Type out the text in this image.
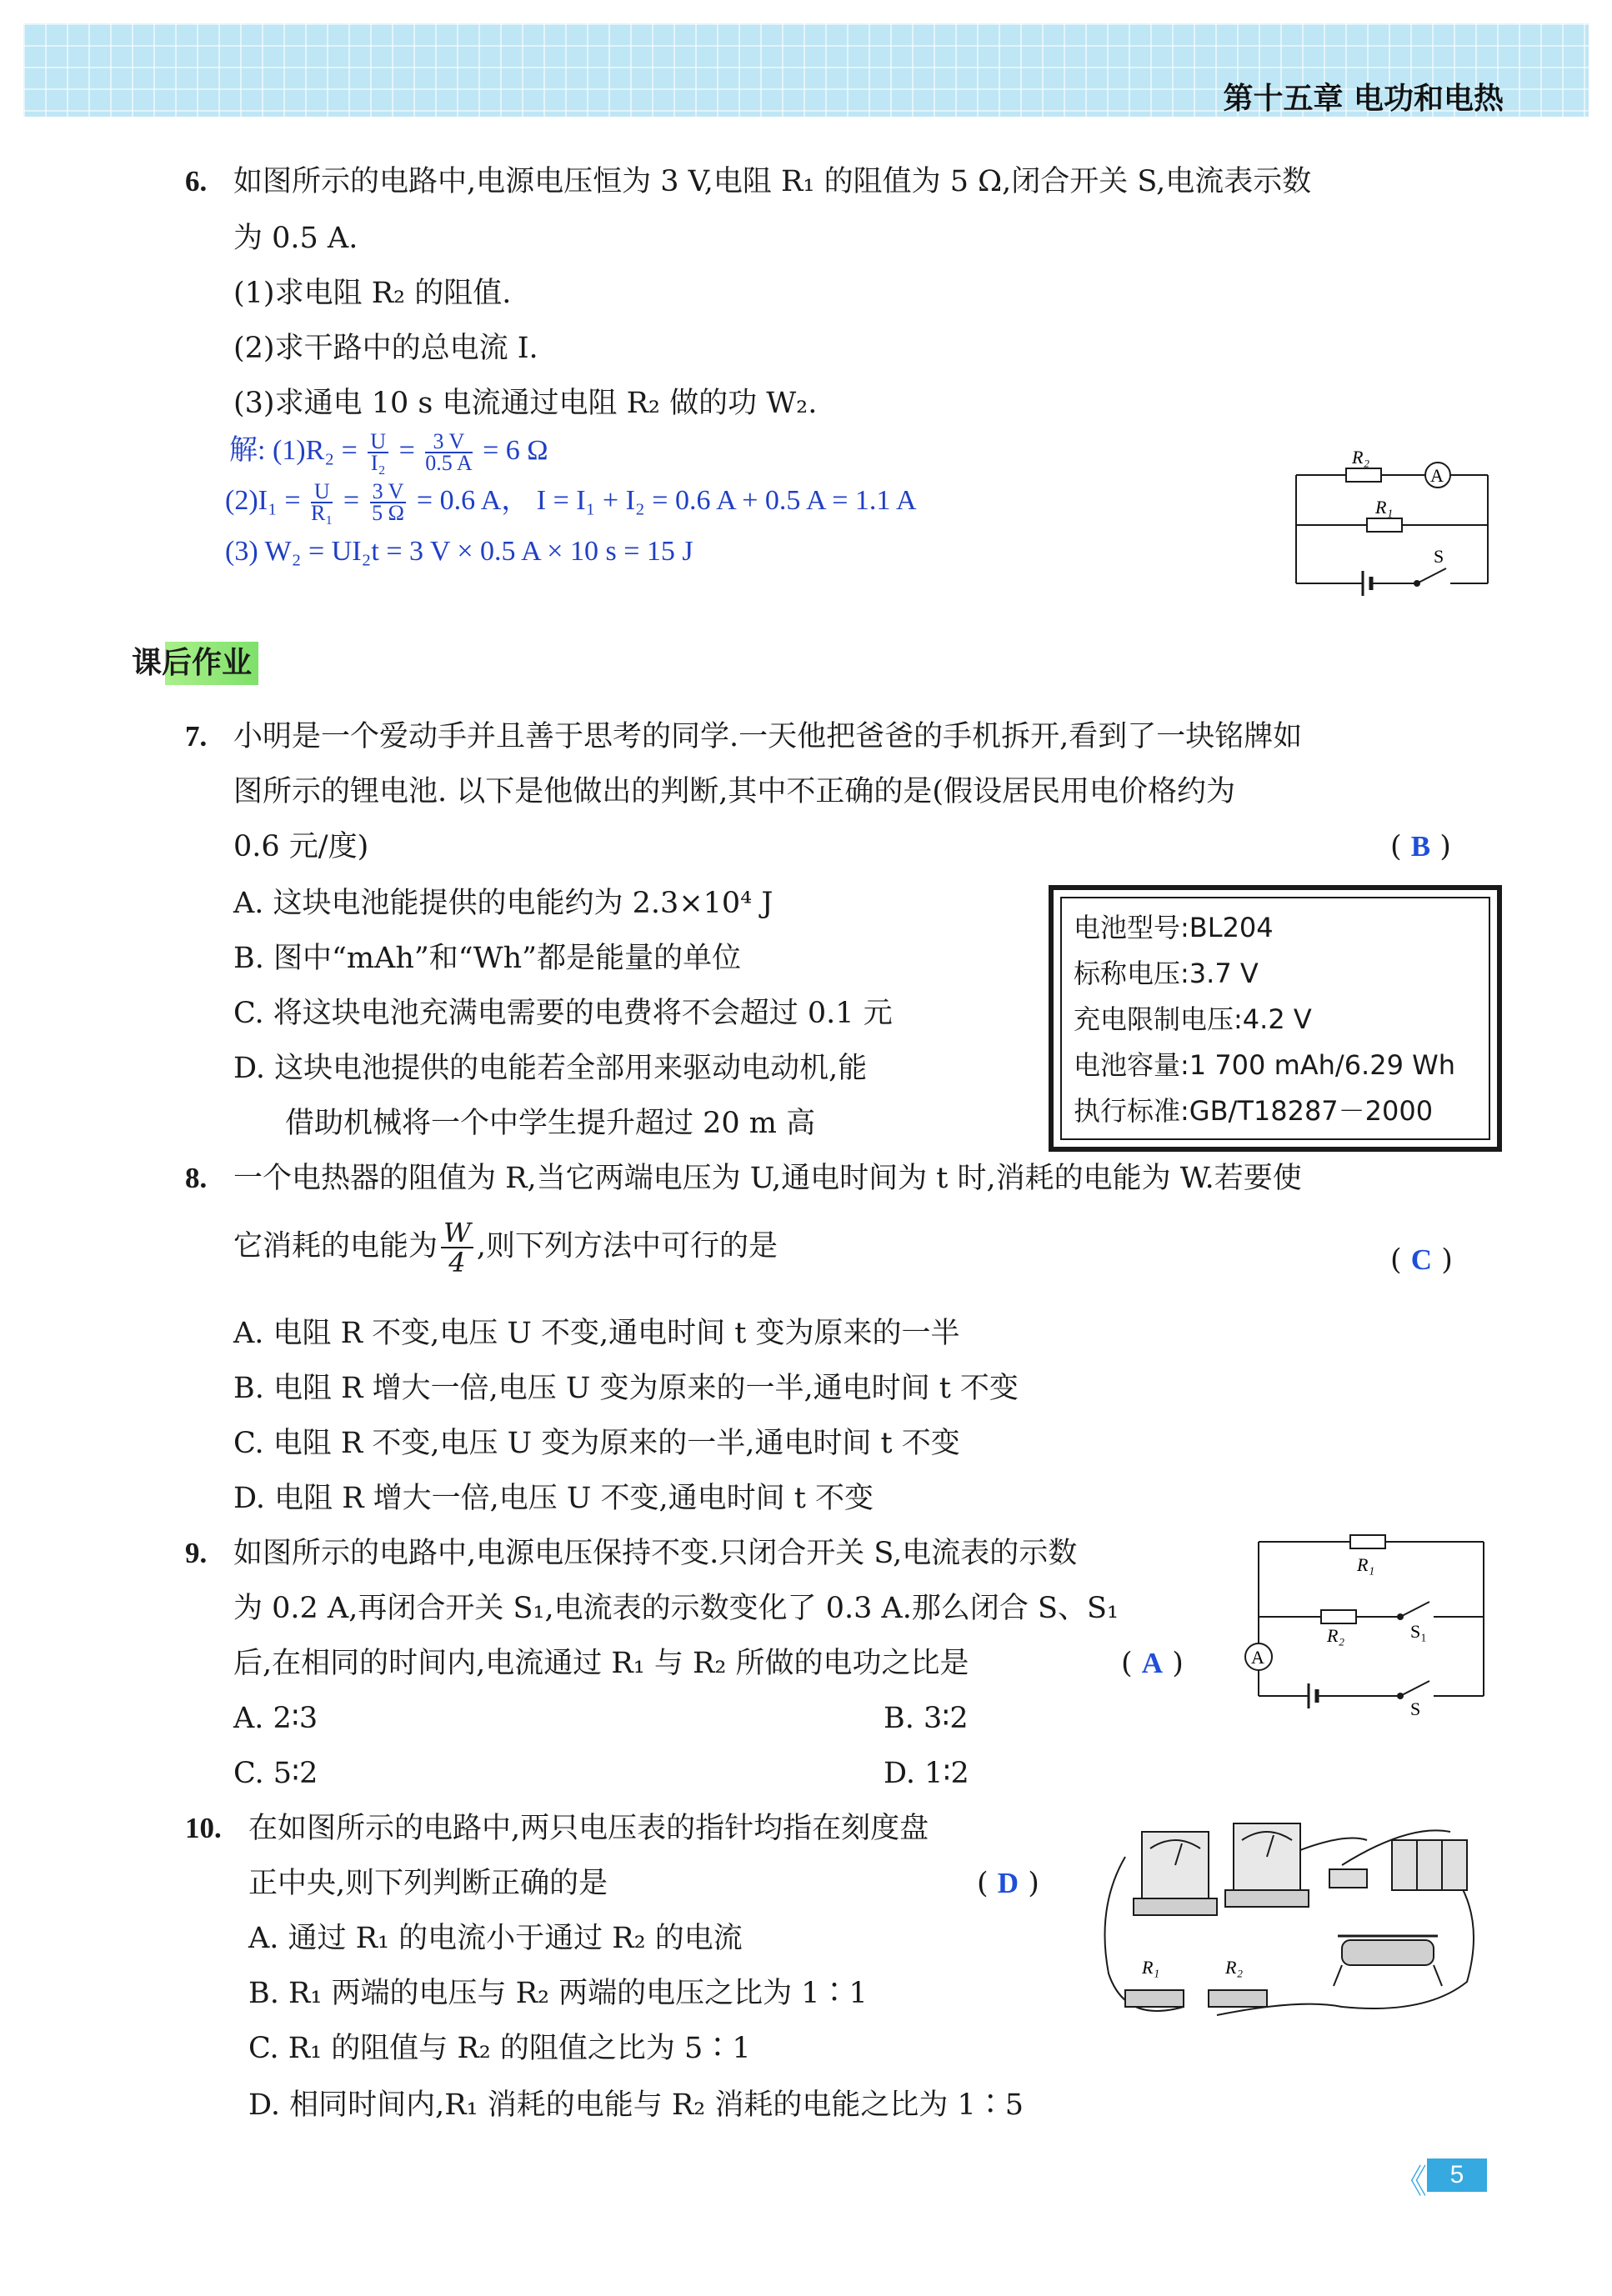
第十五章 电功和电热
6. 如图所示的电路中,电源电压恒为 3 V,电阻 R₁ 的阻值为 5 Ω,闭合开关 S,电流表示数
为 0.5 A.
(1)求电阻 R₂ 的阻值.
(2)求干路中的总电流 I.
(3)求通电 10 s 电流通过电阻 R₂ 做的功 W₂.
解: $(1)R_2 = \frac{U}{\text{I₂}} = \frac{3 V}{0.5 A} = 6$ Ω
$(2)I_1 = \frac{U}{\text{R₁}} = \frac{3 V}{5 \Omega} = 0.6$ A， I = I₁ + I₂ = 0.6 A + 0.5 A = 1.1 A
(3) W₂ = UI₂t = 3 V × 0.5 A × 10 s = 15 J
R₂
A
R₁
S
课后作业
7. 小明是一个爱动手并且善于思考的同学.一天他把爸爸的手机拆开,看到了一块铭牌如
图所示的锂电池. 以下是他做出的判断,其中不正确的是(假设居民用电价格约为
0.6 元/度)	( B )
A. 这块电池能提供的电能约为 2.3×10⁴ J
B. 图中“mAh”和“Wh”都是能量的单位
C. 将这块电池充满电需要的电费将不会超过 0.1 元
D. 这块电池提供的电能若全部用来驱动电动机,能
借助机械将一个中学生提升超过 20 m 高
电池型号:BL204
标称电压:3.7 V
充电限制电压:4.2 V
电池容量:1 700 mAh/6.29 Wh
执行标准:GB/T18287－2000
8. 一个电热器的阻值为 R,当它两端电压为 U,通电时间为 t 时,消耗的电能为 W.若要使
它消耗的电能为 $\frac{W}{4}$ ,则下列方法中可行的是	( C )
A. 电阻 R 不变,电压 U 不变,通电时间 t 变为原来的一半
B. 电阻 R 增大一倍,电压 U 变为原来的一半,通电时间 t 不变
C. 电阻 R 不变,电压 U 变为原来的一半,通电时间 t 不变
D. 电阻 R 增大一倍,电压 U 不变,通电时间 t 不变
9. 如图所示的电路中,电源电压保持不变.只闭合开关 S,电流表的示数
为 0.2 A,再闭合开关 S₁,电流表的示数变化了 0.3 A.那么闭合 S、S₁
后,在相同的时间内,电流通过 R₁ 与 R₂ 所做的电功之比是	( A )
A. 2∶3	B. 3∶2
C. 5∶2	D. 1∶2
R₁
R₂	S₁
A
S
10. 在如图所示的电路中,两只电压表的指针均指在刻度盘
正中央,则下列判断正确的是	( D )
A. 通过 R₁ 的电流小于通过 R₂ 的电流
B. R₁ 两端的电压与 R₂ 两端的电压之比为 1∶1
C. R₁ 的阻值与 R₂ 的阻值之比为 5∶1
D. 相同时间内,R₁ 消耗的电能与 R₂ 消耗的电能之比为 1∶5
R₁	R₂
《 5
